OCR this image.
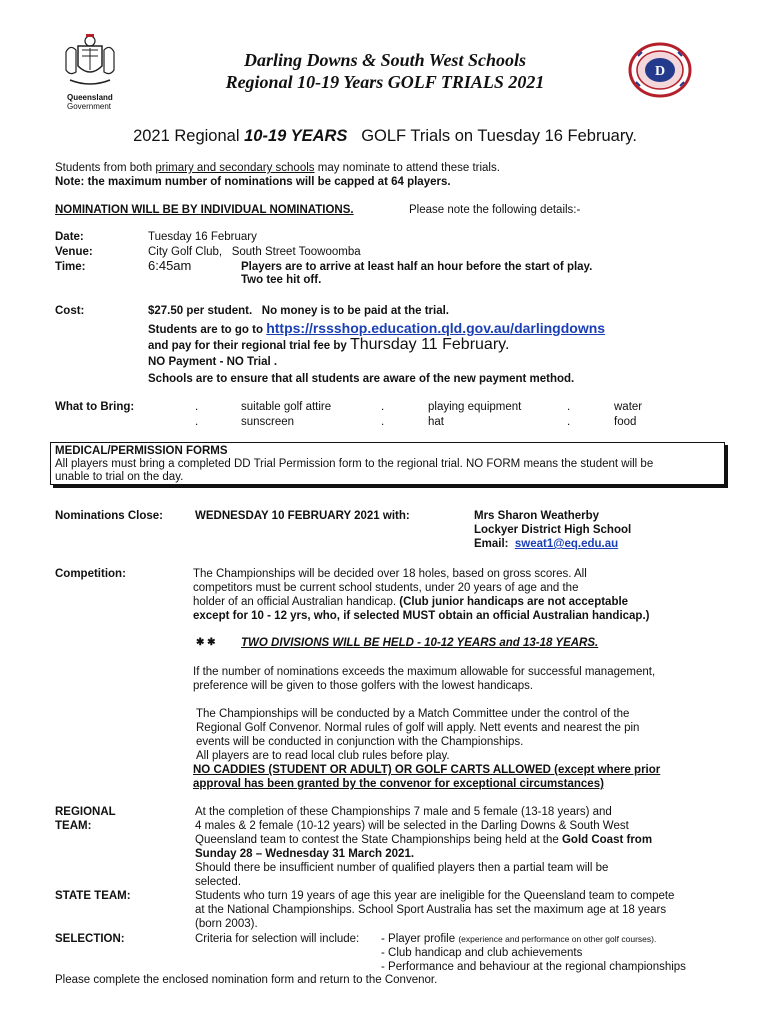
Queensland
Government
Darling Downs & South West Schools
Regional 10-19 Years GOLF TRIALS 2021
D
2021 Regional 10-19 YEARS   GOLF Trials on Tuesday 16 February.
Students from both primary and secondary schools may nominate to attend these trials.
Note: the maximum number of nominations will be capped at 64 players.
NOMINATION WILL BE BY INDIVIDUAL NOMINATIONS.	Please note the following details:-
Date:	Tuesday 16 February
Venue:	City Golf Club,   South Street Toowoomba
Time:	6:45am	Players are to arrive at least half an hour before the start of play.
Two tee hit off.
Cost:	$27.50 per student.   No money is to be paid at the trial.
Students are to go to https://rssshop.education.qld.gov.au/darlingdowns
and pay for their regional trial fee by Thursday 11 February.
NO Payment - NO Trial .
Schools are to ensure that all students are aware of the new payment method.
What to Bring:	.	suitable golf attire	.	playing equipment	.	water
.	sunscreen	.	hat	.	food
MEDICAL/PERMISSION FORMS
All players must bring a completed DD Trial Permission form to the regional trial. NO FORM means the student will be
unable to trial on the day.
Nominations Close:	WEDNESDAY 10 FEBRUARY 2021 with:	Mrs Sharon Weatherby
Lockyer District High School
Email:  sweat1@eq.edu.au
Competition:	The Championships will be decided over 18 holes, based on gross scores. All
competitors must be current school students, under 20 years of age and the
holder of an official Australian handicap. (Club junior handicaps are not acceptable
except for 10 - 12 yrs, who, if selected MUST obtain an official Australian handicap.)
✱ ✱ TWO DIVISIONS WILL BE HELD - 10-12 YEARS and 13-18 YEARS.
If the number of nominations exceeds the maximum allowable for successful management,
preference will be given to those golfers with the lowest handicaps.
The Championships will be conducted by a Match Committee under the control of the
Regional Golf Convenor. Normal rules of golf will apply. Nett events and nearest the pin
events will be conducted in conjunction with the Championships.
All players are to read local club rules before play.
NO CADDIES (STUDENT OR ADULT) OR GOLF CARTS ALLOWED (except where prior
approval has been granted by the convenor for exceptional circumstances)
REGIONAL
TEAM:
At the completion of these Championships 7 male and 5 female (13-18 years) and
4 males & 2 female (10-12 years) will be selected in the Darling Downs & South West
Queensland team to contest the State Championships being held at the Gold Coast from
Sunday 28 – Wednesday 31 March 2021.
Should there be insufficient number of qualified players then a partial team will be
selected.
STATE TEAM:	Students who turn 19 years of age this year are ineligible for the Queensland team to compete
at the National Championships. School Sport Australia has set the maximum age at 18 years
(born 2003).
SELECTION:	Criteria for selection will include: - Player profile (experience and performance on other golf courses).
- Club handicap and club achievements
- Performance and behaviour at the regional championships
Please complete the enclosed nomination form and return to the Convenor.
